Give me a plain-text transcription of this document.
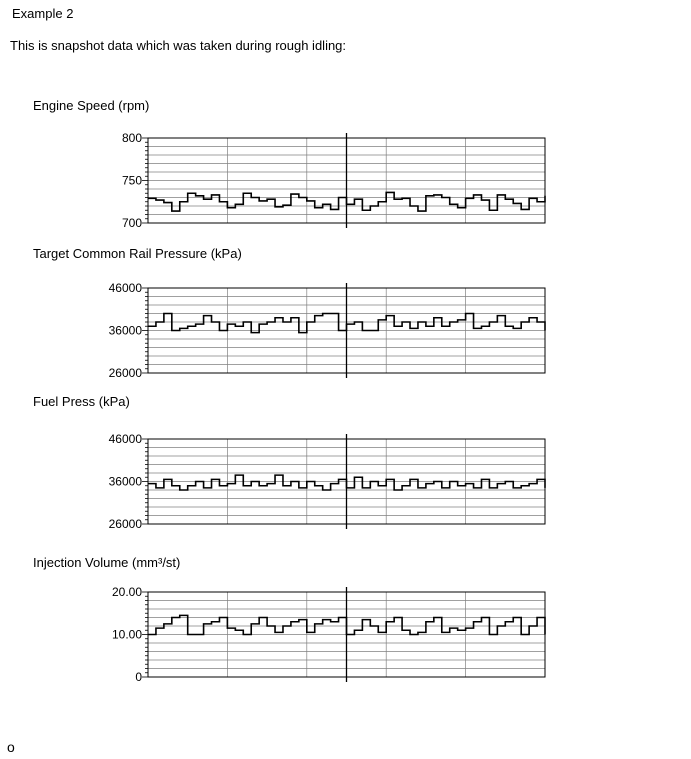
Example 2
This is snapshot data which was taken during rough idling:
Engine Speed (rpm)
800
750
700
Target Common Rail Pressure (kPa)
46000
36000
26000
Fuel Press (kPa)
46000
36000
26000
Injection Volume (mm³/st)
20.00
10.00
0
o
